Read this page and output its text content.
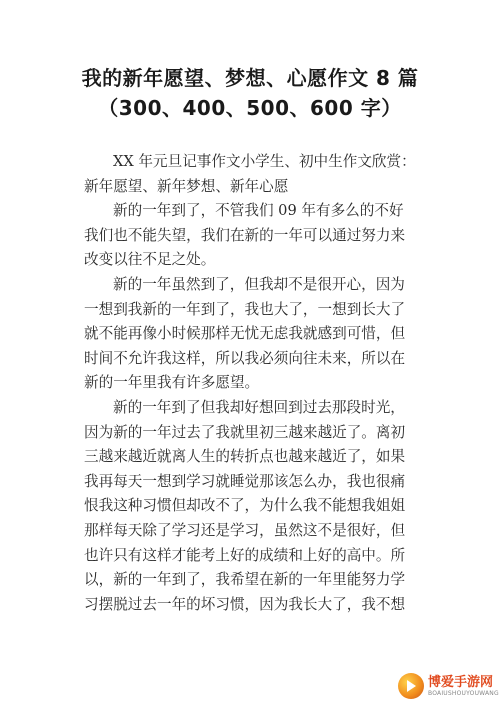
我的新年愿望、梦想、心愿作文 8 篇
（300、400、500、600 字）
XX 年元旦记事作文小学生、初中生作文欣赏：
新年愿望、新年梦想、新年心愿
新的一年到了，不管我们 09 年有多么的不好
我们也不能失望，我们在新的一年可以通过努力来
改变以往不足之处。
新的一年虽然到了，但我却不是很开心，因为
一想到我新的一年到了，我也大了，一想到长大了
就不能再像小时候那样无忧无虑我就感到可惜，但
时间不允许我这样，所以我必须向往未来，所以在
新的一年里我有许多愿望。
新的一年到了但我却好想回到过去那段时光，
因为新的一年过去了我就里初三越来越近了。离初
三越来越近就离人生的转折点也越来越近了，如果
我再每天一想到学习就睡觉那该怎么办，我也很痛
恨我这种习惯但却改不了，为什么我不能想我姐姐
那样每天除了学习还是学习，虽然这不是很好，但
也许只有这样才能考上好的成绩和上好的高中。所
以，新的一年到了，我希望在新的一年里能努力学
习摆脱过去一年的坏习惯，因为我长大了，我不想
博爱手游网
BOAIUSHOUYOUWANG
